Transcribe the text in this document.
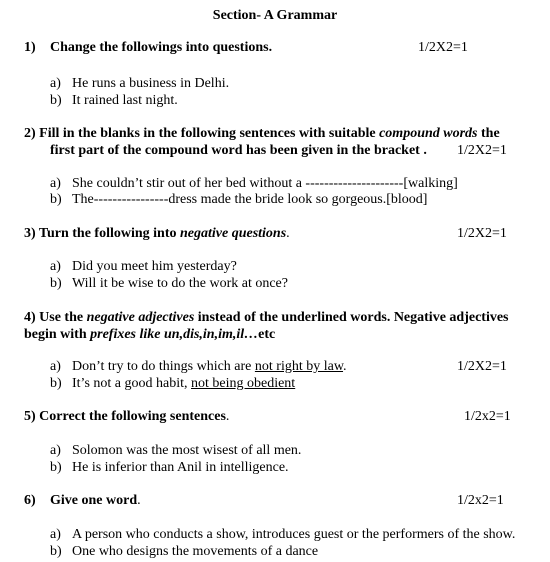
Section- A Grammar
1) Change the followings into questions.	1/2X2=1
a) He runs a business in Delhi.
b) It rained last night.
2) Fill in the blanks in the following sentences with suitable compound words the
first part of the compound word has been given in the bracket . 1/2X2=1
a) She couldn’t stir out of her bed without a ---------------------[walking]
b) The----------------dress made the bride look so gorgeous.[blood]
3) Turn the following into negative questions.	1/2X2=1
a) Did you meet him yesterday?
b) Will it be wise to do the work at once?
4) Use the negative adjectives instead of the underlined words. Negative adjectives
begin with prefixes like un,dis,in,im,il…etc
a) Don’t try to do things which are not right by law.	1/2X2=1
b) It’s not a good habit, not being obedient
5) Correct the following sentences.	1/2x2=1
a) Solomon was the most wisest of all men.
b) He is inferior than Anil in intelligence.
6) Give one word.	1/2x2=1
a) A person who conducts a show, introduces guest or the performers of the show.
b) One who designs the movements of a dance
